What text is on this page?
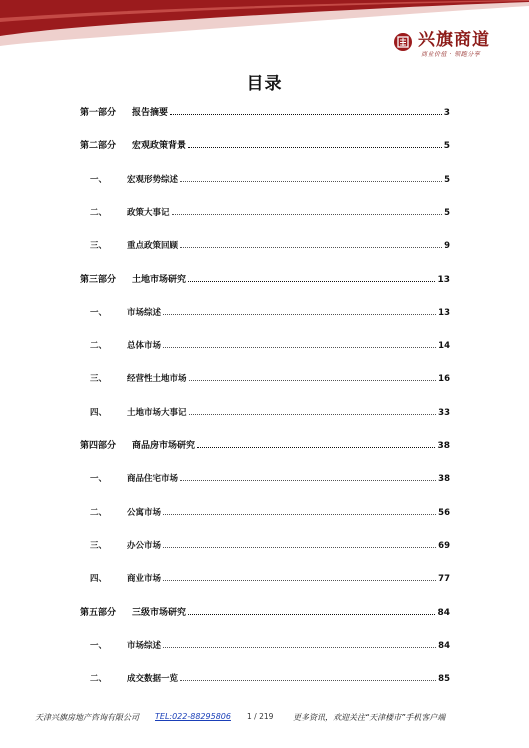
兴旗商道
商业价值 · 领跑分享
目录
第一部分	报告摘要	3
第二部分	宏观政策背景	5
一、	宏观形势综述	5
二、	政策大事记	5
三、	重点政策回顾	9
第三部分	土地市场研究	13
一、	市场综述	13
二、	总体市场	14
三、	经营性土地市场	16
四、	土地市场大事记	33
第四部分	商品房市场研究	38
一、	商品住宅市场	38
二、	公寓市场	56
三、	办公市场	69
四、	商业市场	77
第五部分	三级市场研究	84
一、	市场综述	84
二、	成交数据一览	85
天津兴旗房地产咨询有限公司 TEL:022-88295806 1 / 219 更多资讯，欢迎关注“天津楼市”手机客户端
